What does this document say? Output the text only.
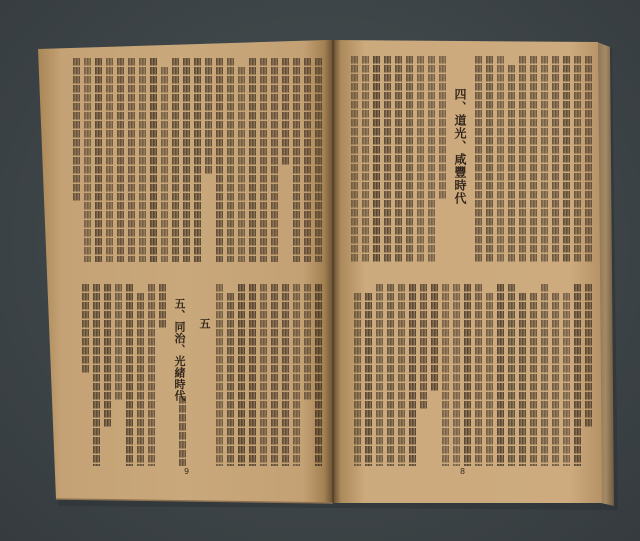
四、道光、咸豐時代
五、同治、光緒時代 五
9	8
